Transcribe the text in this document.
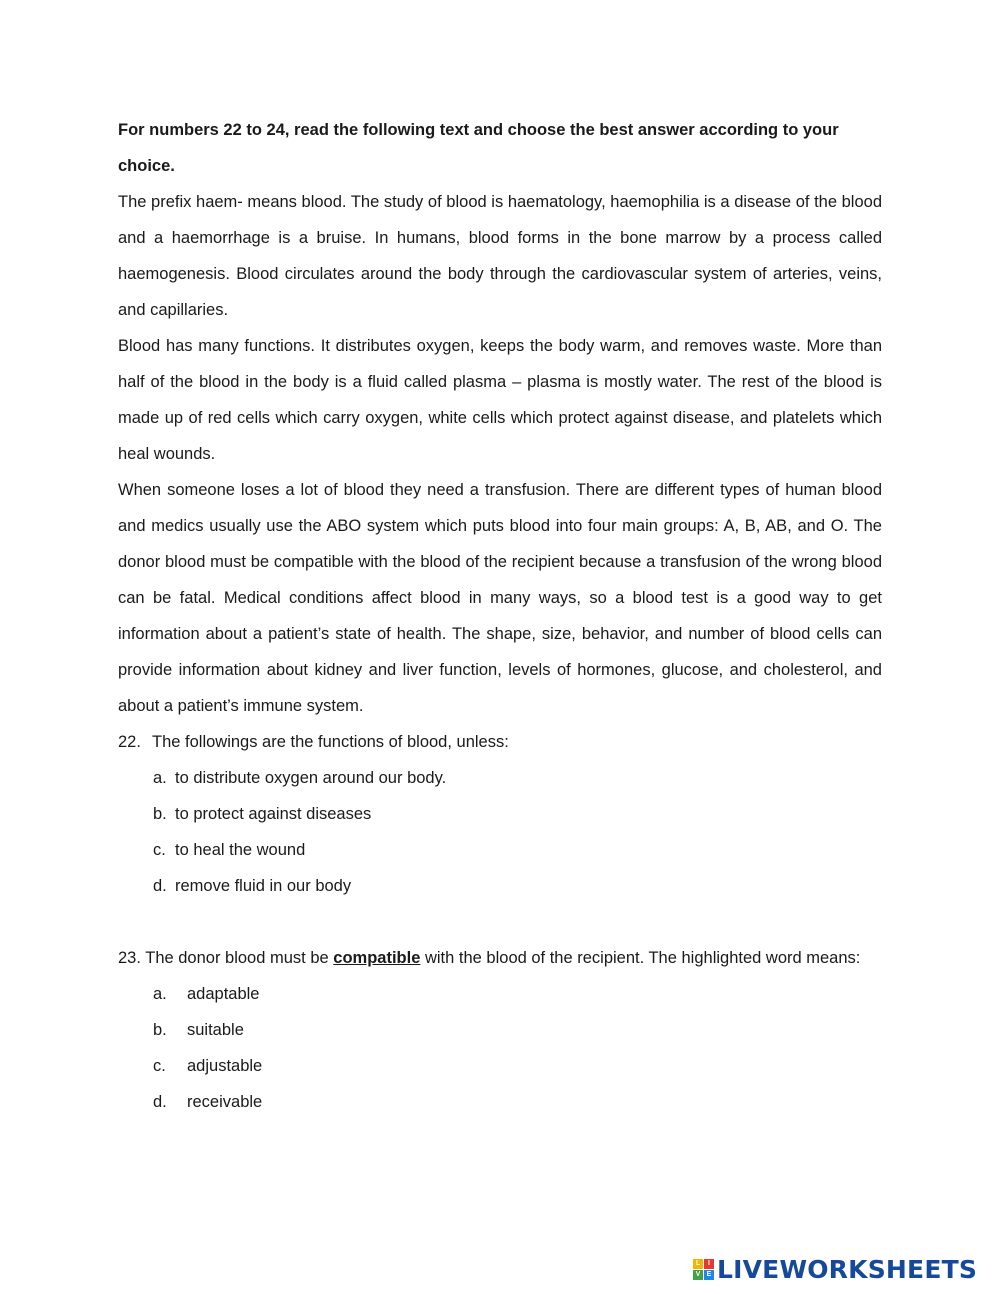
For numbers 22 to 24, read the following text and choose the best answer according to your choice.

The prefix haem- means blood. The study of blood is haematology, haemophilia is a disease of the blood and a haemorrhage is a bruise. In humans, blood forms in the bone marrow by a process called haemogenesis. Blood circulates around the body through the cardiovascular system of arteries, veins, and capillaries.

Blood has many functions. It distributes oxygen, keeps the body warm, and removes waste. More than half of the blood in the body is a fluid called plasma – plasma is mostly water. The rest of the blood is made up of red cells which carry oxygen, white cells which protect against disease, and platelets which heal wounds.

When someone loses a lot of blood they need a transfusion. There are different types of human blood and medics usually use the ABO system which puts blood into four main groups: A, B, AB, and O. The donor blood must be compatible with the blood of the recipient because a transfusion of the wrong blood can be fatal. Medical conditions affect blood in many ways, so a blood test is a good way to get information about a patient’s state of health. The shape, size, behavior, and number of blood cells can provide information about kidney and liver function, levels of hormones, glucose, and cholesterol, and about a patient’s immune system.

22. The followings are the functions of blood, unless:
a. to distribute oxygen around our body.
b. to protect against diseases
c. to heal the wound
d. remove fluid in our body

23. The donor blood must be compatible with the blood of the recipient. The highlighted word means:

a. adaptable
b. suitable
c. adjustable
d. receivable
L	I
V E LIVEWORKSHEETS
